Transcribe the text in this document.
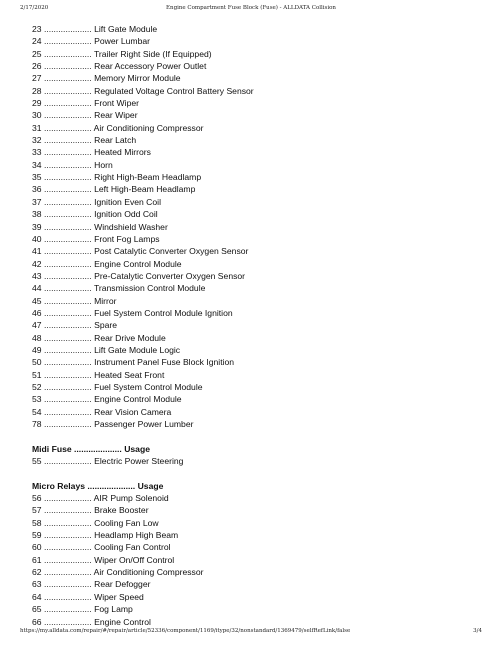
2/17/2020	Engine Compartment Fuse Block (Fuse) - ALLDATA Collision
23 .................... Lift Gate Module
24 .................... Power Lumbar
25 .................... Trailer Right Side (If Equipped)
26 .................... Rear Accessory Power Outlet
27 .................... Memory Mirror Module
28 .................... Regulated Voltage Control Battery Sensor
29 .................... Front Wiper
30 .................... Rear Wiper
31 .................... Air Conditioning Compressor
32 .................... Rear Latch
33 .................... Heated Mirrors
34 .................... Horn
35 .................... Right High-Beam Headlamp
36 .................... Left High-Beam Headlamp
37 .................... Ignition Even Coil
38 .................... Ignition Odd Coil
39 .................... Windshield Washer
40 .................... Front Fog Lamps
41 .................... Post Catalytic Converter Oxygen Sensor
42 .................... Engine Control Module
43 .................... Pre-Catalytic Converter Oxygen Sensor
44 .................... Transmission Control Module
45 .................... Mirror
46 .................... Fuel System Control Module Ignition
47 .................... Spare
48 .................... Rear Drive Module
49 .................... Lift Gate Module Logic
50 .................... Instrument Panel Fuse Block Ignition
51 .................... Heated Seat Front
52 .................... Fuel System Control Module
53 .................... Engine Control Module
54 .................... Rear Vision Camera
78 .................... Passenger Power Lumber
Midi Fuse .................... Usage
55 .................... Electric Power Steering
Micro Relays .................... Usage
56 .................... AIR Pump Solenoid
57 .................... Brake Booster
58 .................... Cooling Fan Low
59 .................... Headlamp High Beam
60 .................... Cooling Fan Control
61 .................... Wiper On/Off Control
62 .................... Air Conditioning Compressor
63 .................... Rear Defogger
64 .................... Wiper Speed
65 .................... Fog Lamp
66 .................... Engine Control
https://my.alldata.com/repair/#/repair/article/52336/component/1169/itype/32/nonstandard/1369479/selfRefLink/false	3/4
